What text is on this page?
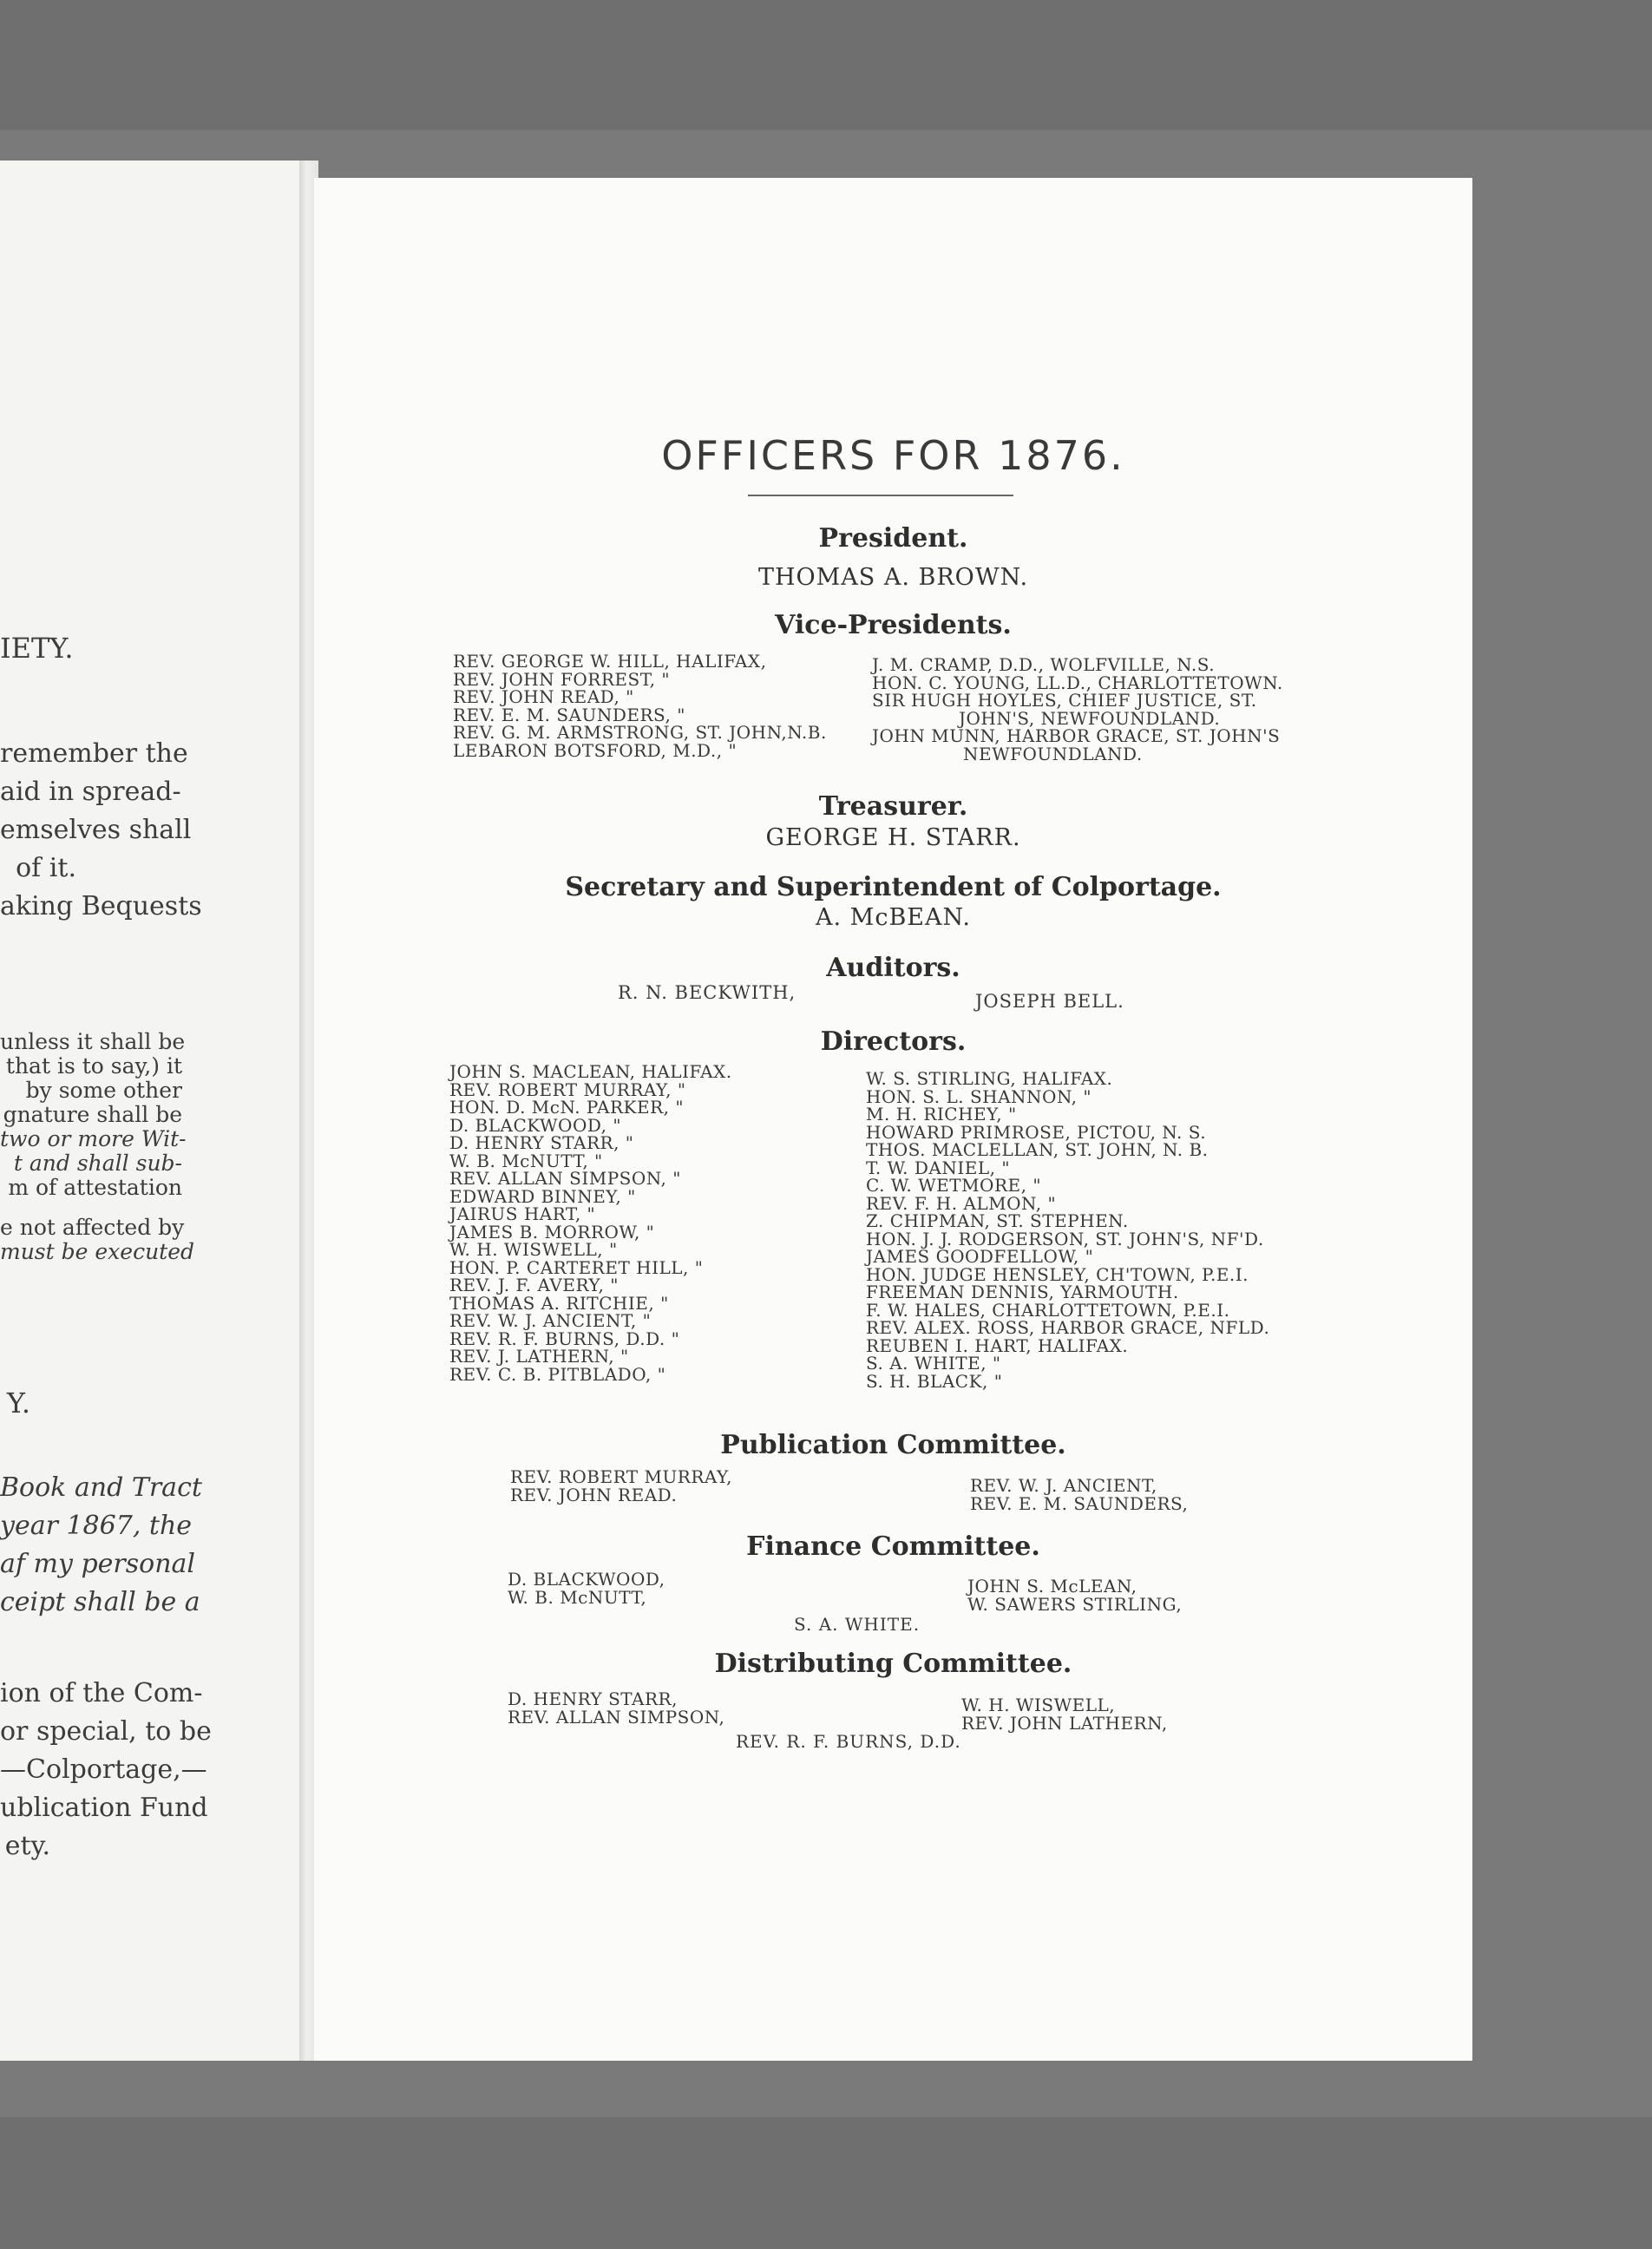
IETY.
remember the
aid in spread-
emselves shall
of it.
aking Bequests
unless it shall be
that is to say,) it
by some other
gnature shall be
two or more Wit-
t and shall sub-
m of attestation
e not affected by
must be executed
Y.
Book and Tract
year 1867, the
af my personal
ceipt shall be a
ion of the Com-
or special, to be
—Colportage,—
ublication Fund
ety.
OFFICERS FOR 1876.
President.
THOMAS A. BROWN.
Vice-Presidents.
REV. GEORGE W. HILL, HALIFAX,
REV. JOHN FORREST, "
REV. JOHN READ, "
REV. E. M. SAUNDERS, "
REV. G. M. ARMSTRONG, ST. JOHN,N.B.
LEBARON BOTSFORD, M.D., "
J. M. CRAMP, D.D., WOLFVILLE, N.S.
HON. C. YOUNG, LL.D., CHARLOTTETOWN.
SIR HUGH HOYLES, CHIEF JUSTICE, ST.
JOHN'S, NEWFOUNDLAND.
JOHN MUNN, HARBOR GRACE, ST. JOHN'S
NEWFOUNDLAND.
Treasurer.
GEORGE H. STARR.
Secretary and Superintendent of Colportage.
A. McBEAN.
Auditors.
R. N. BECKWITH,	JOSEPH BELL.
Directors.
JOHN S. MACLEAN, HALIFAX.
REV. ROBERT MURRAY, "
HON. D. McN. PARKER, "
D. BLACKWOOD, "
D. HENRY STARR, "
W. B. McNUTT, "
REV. ALLAN SIMPSON, "
EDWARD BINNEY, "
JAIRUS HART, "
JAMES B. MORROW, "
W. H. WISWELL, "
HON. P. CARTERET HILL, "
REV. J. F. AVERY, "
THOMAS A. RITCHIE, "
REV. W. J. ANCIENT, "
REV. R. F. BURNS, D.D. "
REV. J. LATHERN, "
REV. C. B. PITBLADO, "
W. S. STIRLING, HALIFAX.
HON. S. L. SHANNON, "
M. H. RICHEY, "
HOWARD PRIMROSE, PICTOU, N. S.
THOS. MACLELLAN, ST. JOHN, N. B.
T. W. DANIEL, "
C. W. WETMORE, "
REV. F. H. ALMON, "
Z. CHIPMAN, ST. STEPHEN.
HON. J. J. RODGERSON, ST. JOHN'S, NF'D.
JAMES GOODFELLOW, "
HON. JUDGE HENSLEY, CH'TOWN, P.E.I.
FREEMAN DENNIS, YARMOUTH.
F. W. HALES, CHARLOTTETOWN, P.E.I.
REV. ALEX. ROSS, HARBOR GRACE, NFLD.
REUBEN I. HART, HALIFAX.
S. A. WHITE, "
S. H. BLACK, "
Publication Committee.
REV. ROBERT MURRAY,
REV. JOHN READ.	REV. W. J. ANCIENT,
REV. E. M. SAUNDERS,
Finance Committee.
D. BLACKWOOD,
W. B. McNUTT,
JOHN S. McLEAN,
W. SAWERS STIRLING,
S. A. WHITE.
Distributing Committee.
D. HENRY STARR,
REV. ALLAN SIMPSON,
W. H. WISWELL,
REV. JOHN LATHERN,
REV. R. F. BURNS, D.D.
